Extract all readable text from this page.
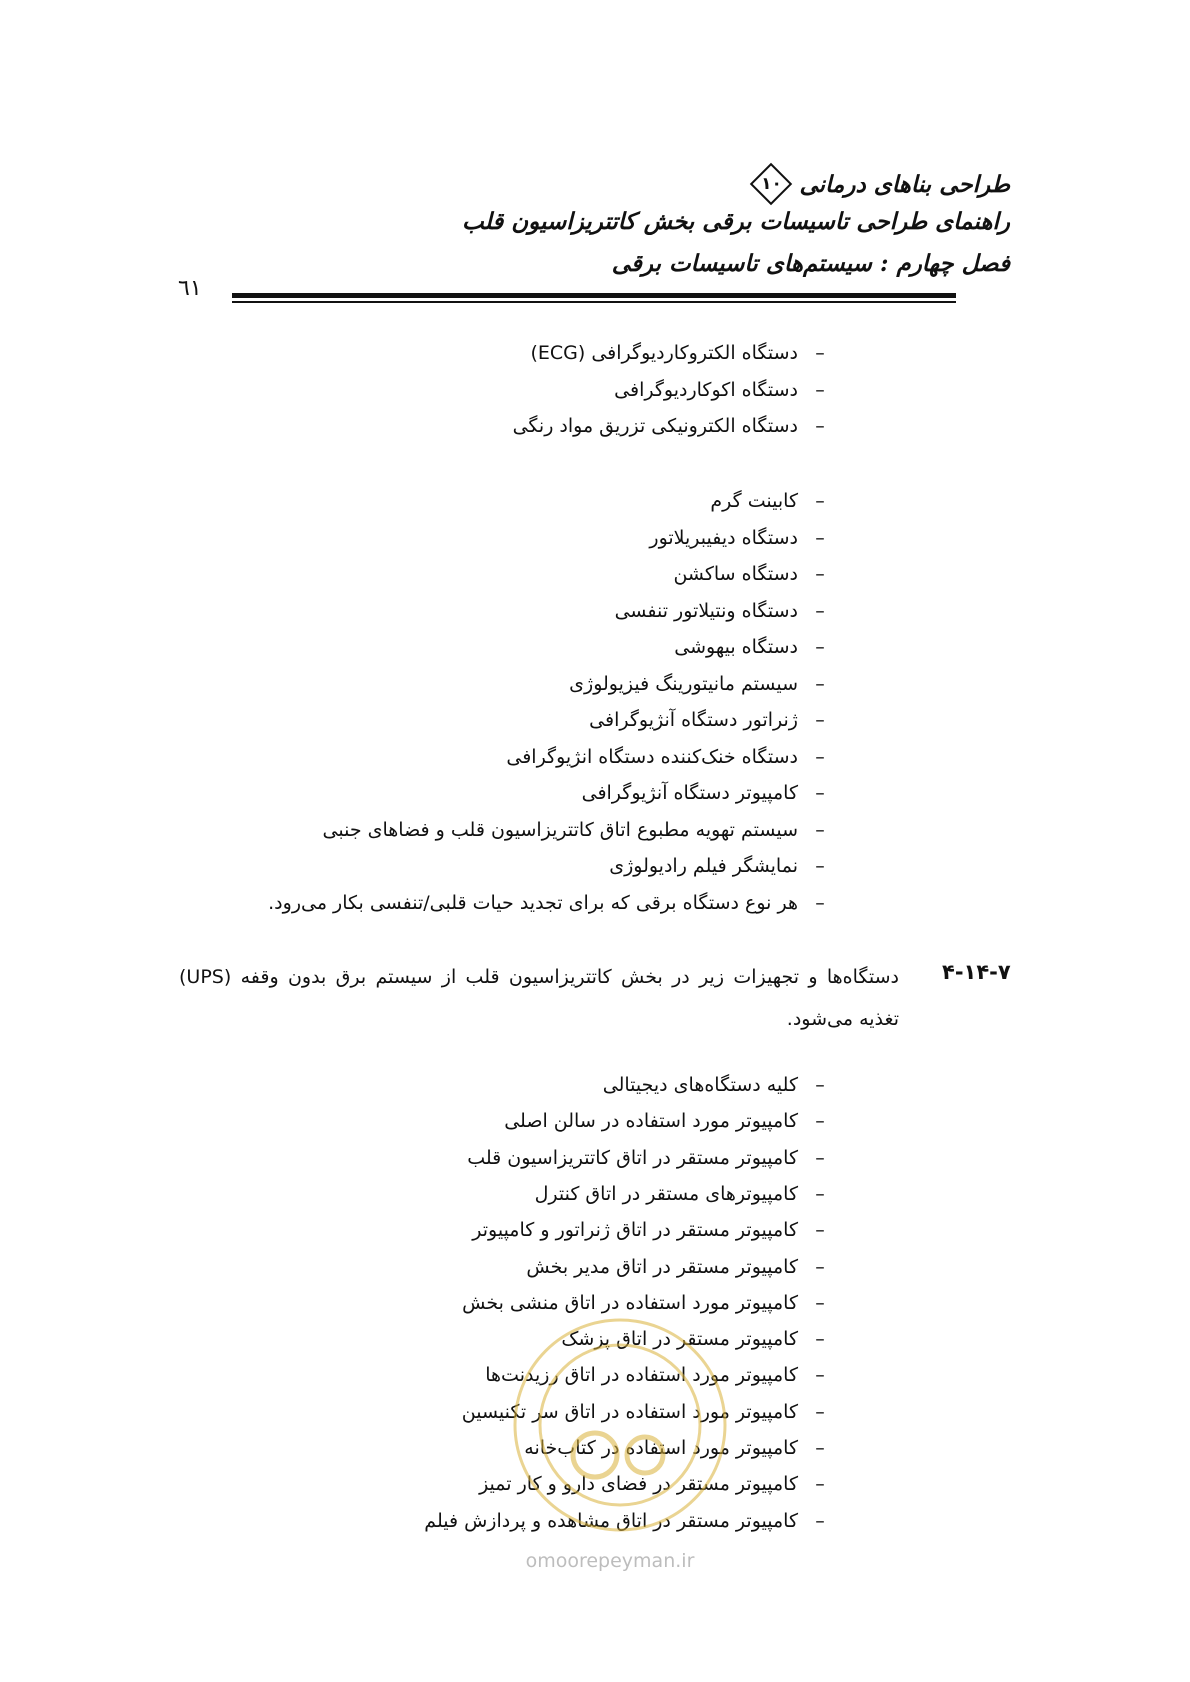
طراحی بناهای درمانی
۱۰
راهنمای طراحی تاسیسات برقی بخش کاتتریزاسیون قلب
فصل چهارم : سیستم‌های تاسیسات برقی
٦١
–دستگاه الکتروکاردیوگرافی (ECG)
–دستگاه اکوکاردیوگرافی
–دستگاه الکترونیکی تزریق مواد رنگی
–کابینت گرم
–دستگاه دیفیبریلاتور
–دستگاه ساکشن
–دستگاه ونتیلاتور تنفسی
–دستگاه بیهوشی
–سیستم مانیتورینگ فیزیولوژی
–ژنراتور دستگاه آنژیوگرافی
–دستگاه خنک‌کننده دستگاه انژیوگرافی
–کامپیوتر دستگاه آنژیوگرافی
–سیستم تهویه مطبوع اتاق کاتتریزاسیون قلب و فضاهای جنبی
–نمایشگر فیلم رادیولوژی
–هر نوع دستگاه برقی که برای تجدید حیات قلبی/تنفسی بکار می‌رود.
۴-۱۴-۷
دستگاه‌ها و تجهیزات زیر در بخش کاتتریزاسیون قلب از سیستم برق بدون وقفه (UPS) تغذیه می‌شود.
–کلیه دستگاه‌های دیجیتالی
–کامپیوتر مورد استفاده در سالن اصلی
–کامپیوتر مستقر در اتاق کاتتریزاسیون قلب
–کامپیوترهای مستقر در اتاق کنترل
–کامپیوتر مستقر در اتاق ژنراتور و کامپیوتر
–کامپیوتر مستقر در اتاق مدیر بخش
–کامپیوتر مورد استفاده در اتاق منشی بخش
–کامپیوتر مستقر در اتاق پزشک
–کامپیوتر مورد استفاده در اتاق رزیدنت‌ها
–کامپیوتر مورد استفاده در اتاق سر تکنیسین
–کامپیوتر مورد استفاده در کتاب‌خانه
–کامپیوتر مستقر در فضای دارو و کار تمیز
–کامپیوتر مستقر در اتاق مشاهده و پردازش فیلم
omoorepeyman.ir
